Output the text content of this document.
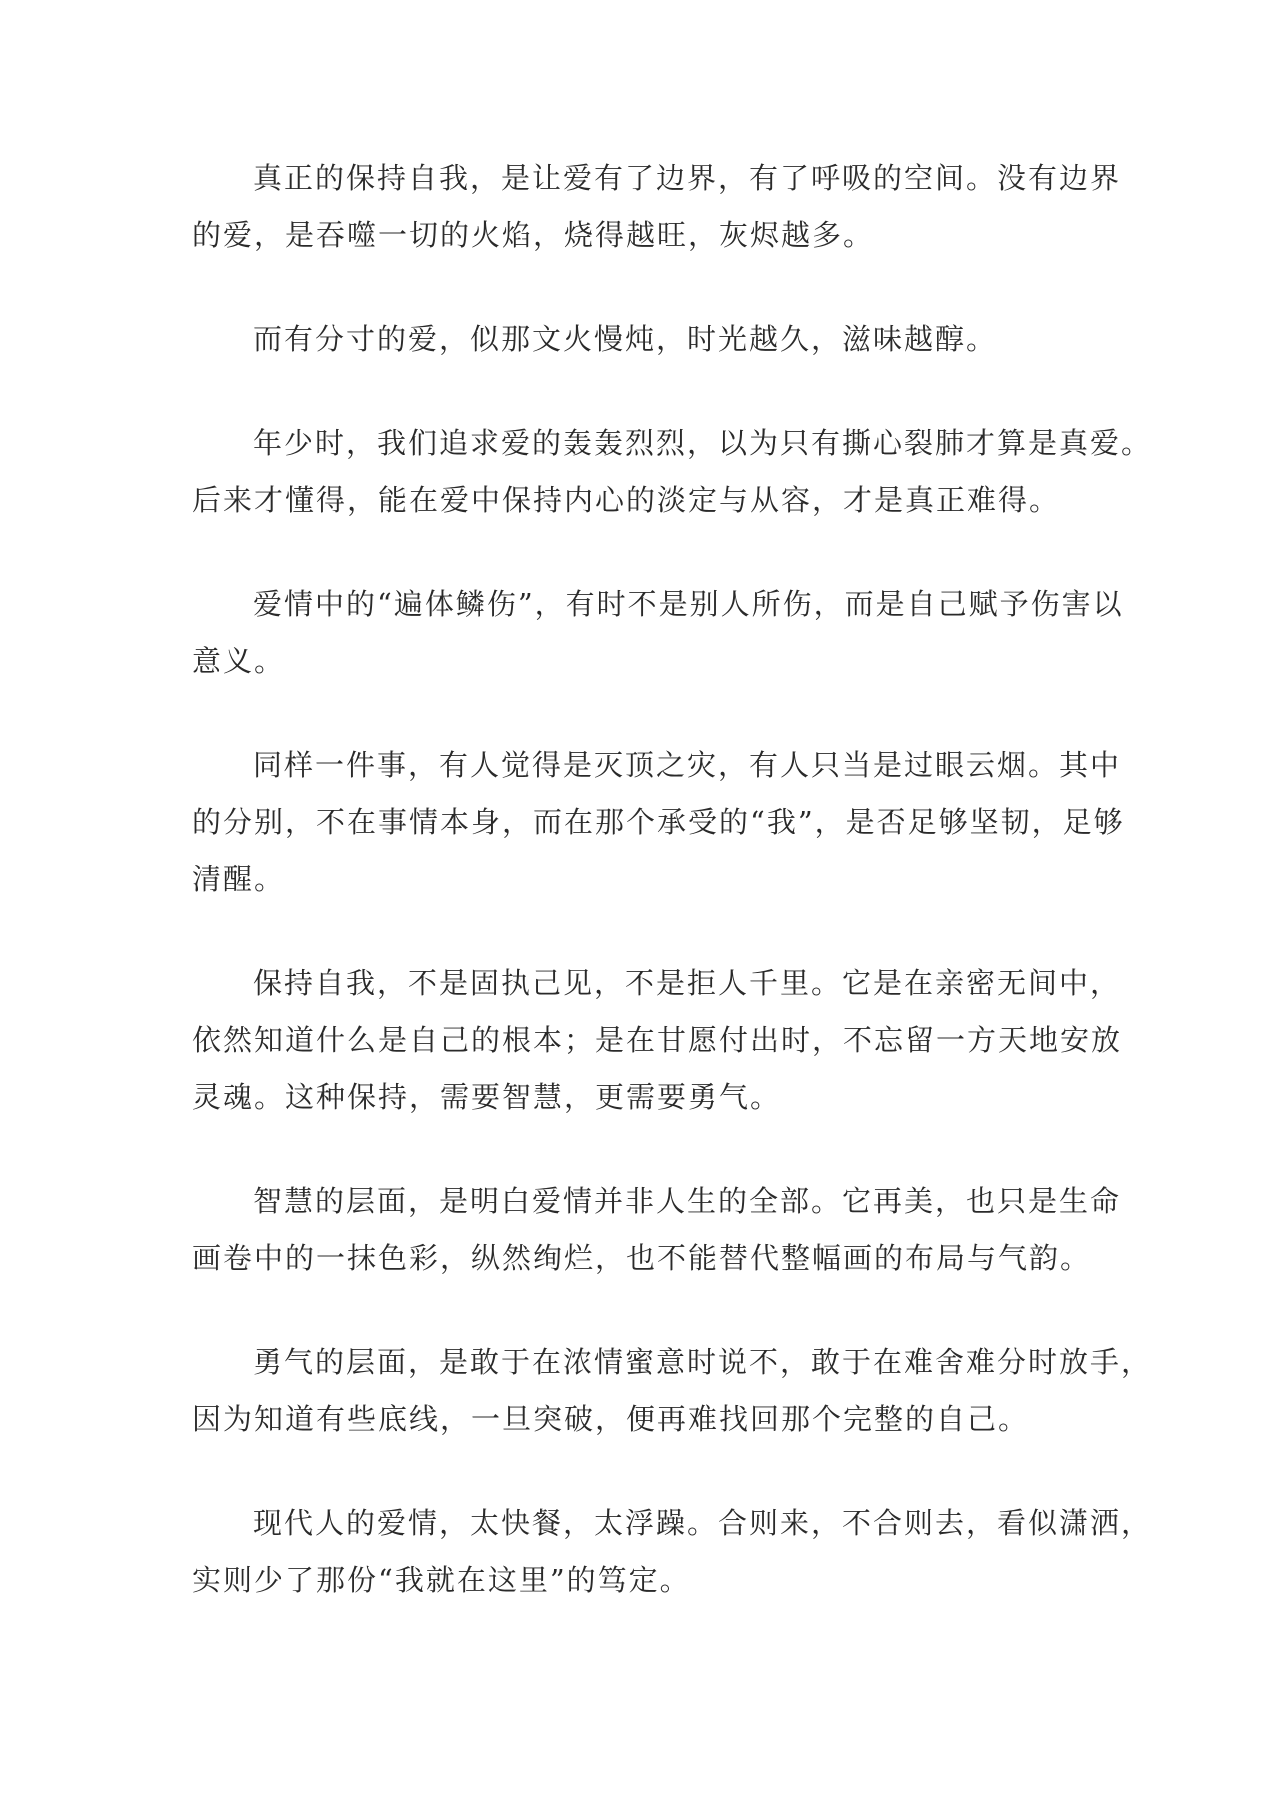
真正的保持自我，是让爱有了边界，有了呼吸的空间。没有边界
的爱，是吞噬一切的火焰，烧得越旺，灰烬越多。

而有分寸的爱，似那文火慢炖，时光越久，滋味越醇。

年少时，我们追求爱的轰轰烈烈，以为只有撕心裂肺才算是真爱。
后来才懂得，能在爱中保持内心的淡定与从容，才是真正难得。

爱情中的“遍体鳞伤”，有时不是别人所伤，而是自己赋予伤害以
意义。

同样一件事，有人觉得是灭顶之灾，有人只当是过眼云烟。其中
的分别，不在事情本身，而在那个承受的“我”，是否足够坚韧，足够
清醒。

保持自我，不是固执己见，不是拒人千里。它是在亲密无间中，
依然知道什么是自己的根本；是在甘愿付出时，不忘留一方天地安放
灵魂。这种保持，需要智慧，更需要勇气。

智慧的层面，是明白爱情并非人生的全部。它再美，也只是生命
画卷中的一抹色彩，纵然绚烂，也不能替代整幅画的布局与气韵。

勇气的层面，是敢于在浓情蜜意时说不，敢于在难舍难分时放手，
因为知道有些底线，一旦突破，便再难找回那个完整的自己。

现代人的爱情，太快餐，太浮躁。合则来，不合则去，看似潇洒，
实则少了那份“我就在这里”的笃定。
